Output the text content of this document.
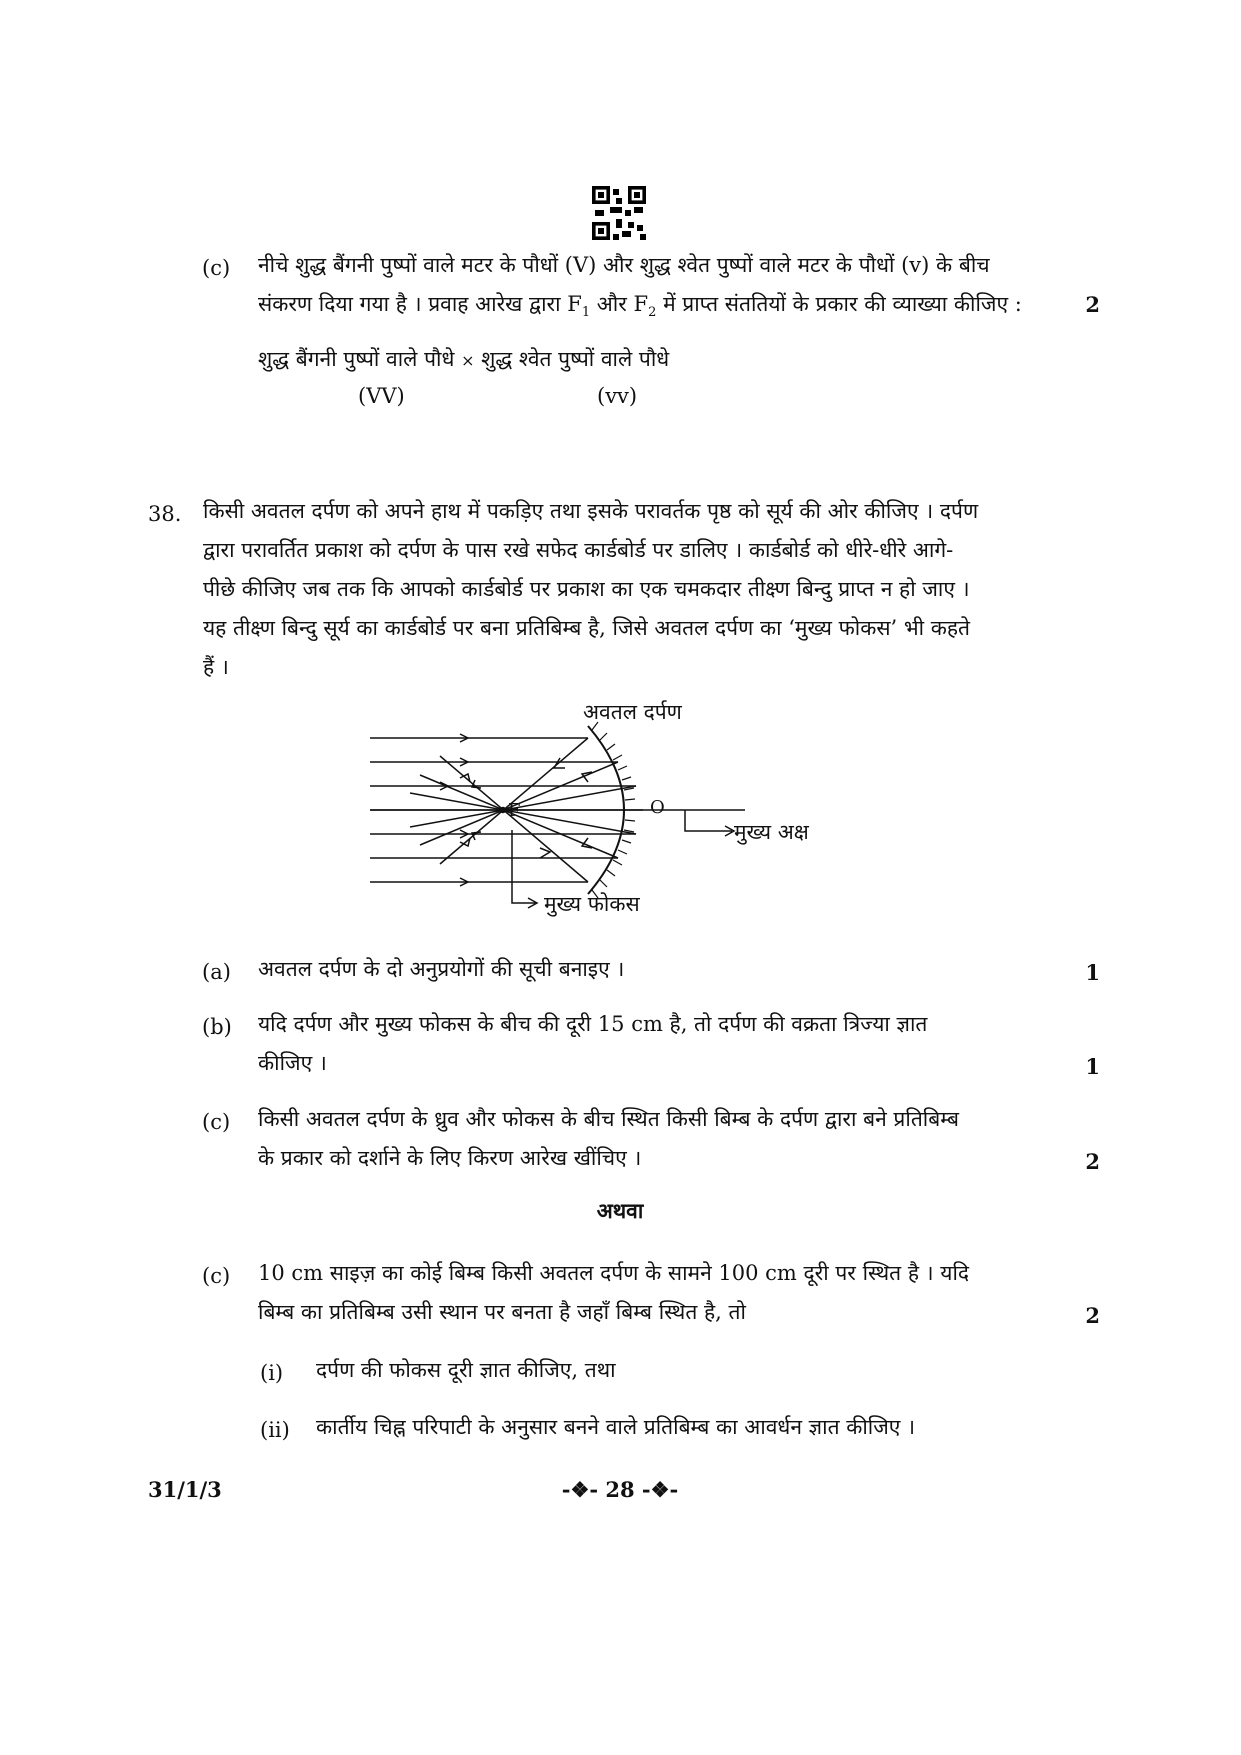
(c) नीचे शुद्ध बैंगनी पुष्पों वाले मटर के पौधों (V) और शुद्ध श्वेत पुष्पों वाले मटर के पौधों (v) के बीच
संकरण दिया गया है । प्रवाह आरेख द्वारा $F_1$ और $F_2$ में प्राप्त संततियों के प्रकार की व्याख्या कीजिए :	2
शुद्ध बैंगनी पुष्पों वाले पौधे × शुद्ध श्वेत पुष्पों वाले पौधे
(VV)	(vv)
38. किसी अवतल दर्पण को अपने हाथ में पकड़िए तथा इसके परावर्तक पृष्ठ को सूर्य की ओर कीजिए । दर्पण
द्वारा परावर्तित प्रकाश को दर्पण के पास रखे सफेद कार्डबोर्ड पर डालिए । कार्डबोर्ड को धीरे-धीरे आगे-
पीछे कीजिए जब तक कि आपको कार्डबोर्ड पर प्रकाश का एक चमकदार तीक्ष्ण बिन्दु प्राप्त न हो जाए ।
यह तीक्ष्ण बिन्दु सूर्य का कार्डबोर्ड पर बना प्रतिबिम्ब है, जिसे अवतल दर्पण का ‘मुख्य फोकस’ भी कहते
हैं ।
अवतल दर्पण
F	O
मुख्य अक्ष
मुख्य फोकस
(a) अवतल दर्पण के दो अनुप्रयोगों की सूची बनाइए ।	1
(b) यदि दर्पण और मुख्य फोकस के बीच की दूरी 15 cm है, तो दर्पण की वक्रता त्रिज्या ज्ञात
कीजिए ।	1
(c) किसी अवतल दर्पण के ध्रुव और फोकस के बीच स्थित किसी बिम्ब के दर्पण द्वारा बने प्रतिबिम्ब
के प्रकार को दर्शाने के लिए किरण आरेख खींचिए ।	2
अथवा
(c) 10 cm साइज़ का कोई बिम्ब किसी अवतल दर्पण के सामने 100 cm दूरी पर स्थित है । यदि
बिम्ब का प्रतिबिम्ब उसी स्थान पर बनता है जहाँ बिम्ब स्थित है, तो	2
(i) दर्पण की फोकस दूरी ज्ञात कीजिए, तथा
(ii) कार्तीय चिह्न परिपाटी के अनुसार बनने वाले प्रतिबिम्ब का आवर्धन ज्ञात कीजिए ।
31/1/3	-❖- 28 -❖-
